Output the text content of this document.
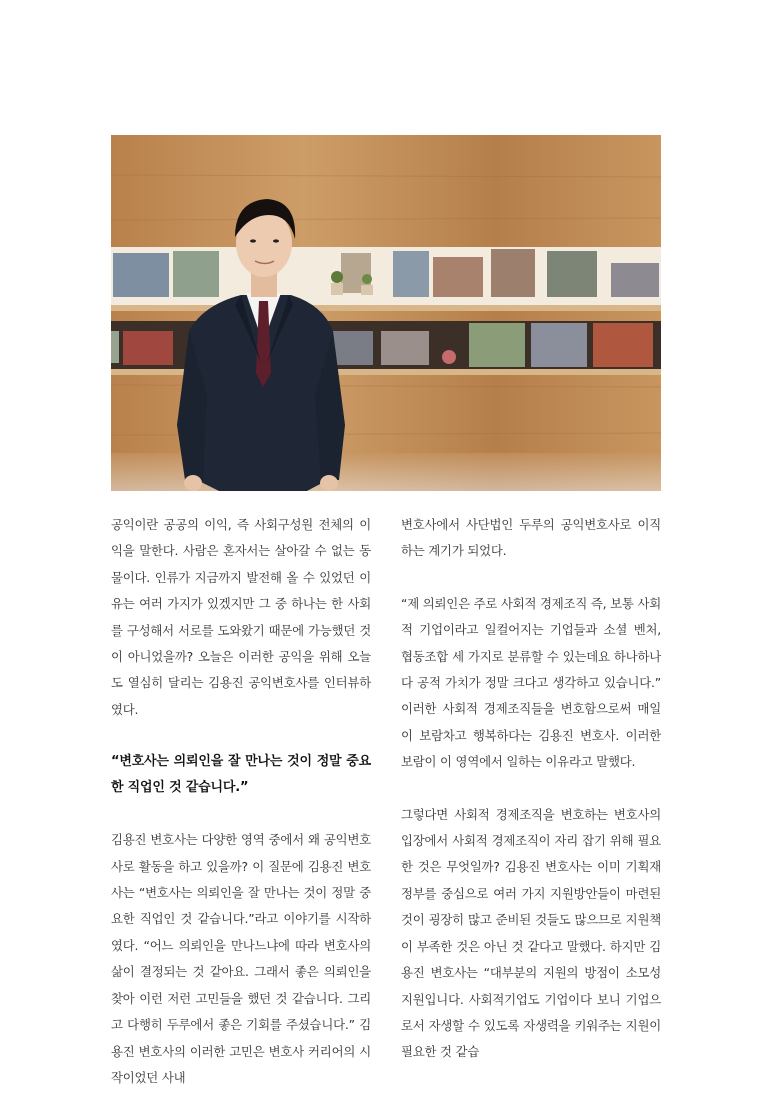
공익이란 공공의 이익, 즉 사회구성원 전체의 이익을 말한다. 사람은 혼자서는 살아갈 수 없는 동물이다. 인류가 지금까지 발전해 올 수 있었던 이유는 여러 가지가 있겠지만 그 중 하나는 한 사회를 구성해서 서로를 도와왔기 때문에 가능했던 것이 아니었을까? 오늘은 이러한 공익을 위해 오늘도 열심히 달리는 김용진 공익변호사를 인터뷰하였다.

“변호사는 의뢰인을 잘 만나는 것이 정말 중요한 직업인 것 같습니다.”

김용진 변호사는 다양한 영역 중에서 왜 공익변호사로 활동을 하고 있을까? 이 질문에 김용진 변호사는 “변호사는 의뢰인을 잘 만나는 것이 정말 중요한 직업인 것 같습니다.”라고 이야기를 시작하였다. “어느 의뢰인을 만나느냐에 따라 변호사의 삶이 결정되는 것 같아요. 그래서 좋은 의뢰인을 찾아 이런 저런 고민들을 했던 것 같습니다. 그리고 다행히 두루에서 좋은 기회를 주셨습니다.” 김용진 변호사의 이러한 고민은 변호사 커리어의 시작이었던 사내

변호사에서 사단법인 두루의 공익변호사로 이직하는 계기가 되었다.

“제 의뢰인은 주로 사회적 경제조직 즉, 보통 사회적 기업이라고 일컬어지는 기업들과 소셜 벤처, 협동조합 세 가지로 분류할 수 있는데요 하나하나 다 공적 가치가 정말 크다고 생각하고 있습니다.” 이러한 사회적 경제조직들을 변호함으로써 매일이 보람차고 행복하다는 김용진 변호사. 이러한 보람이 이 영역에서 일하는 이유라고 말했다.

그렇다면 사회적 경제조직을 변호하는 변호사의 입장에서 사회적 경제조직이 자리 잡기 위해 필요한 것은 무엇일까? 김용진 변호사는 이미 기획재정부를 중심으로 여러 가지 지원방안들이 마련된 것이 굉장히 많고 준비된 것들도 많으므로 지원책이 부족한 것은 아닌 것 같다고 말했다. 하지만 김용진 변호사는 “대부분의 지원의 방점이 소모성지원입니다. 사회적기업도 기업이다 보니 기업으로서 자생할 수 있도록 자생력을 키워주는 지원이 필요한 것 같습
